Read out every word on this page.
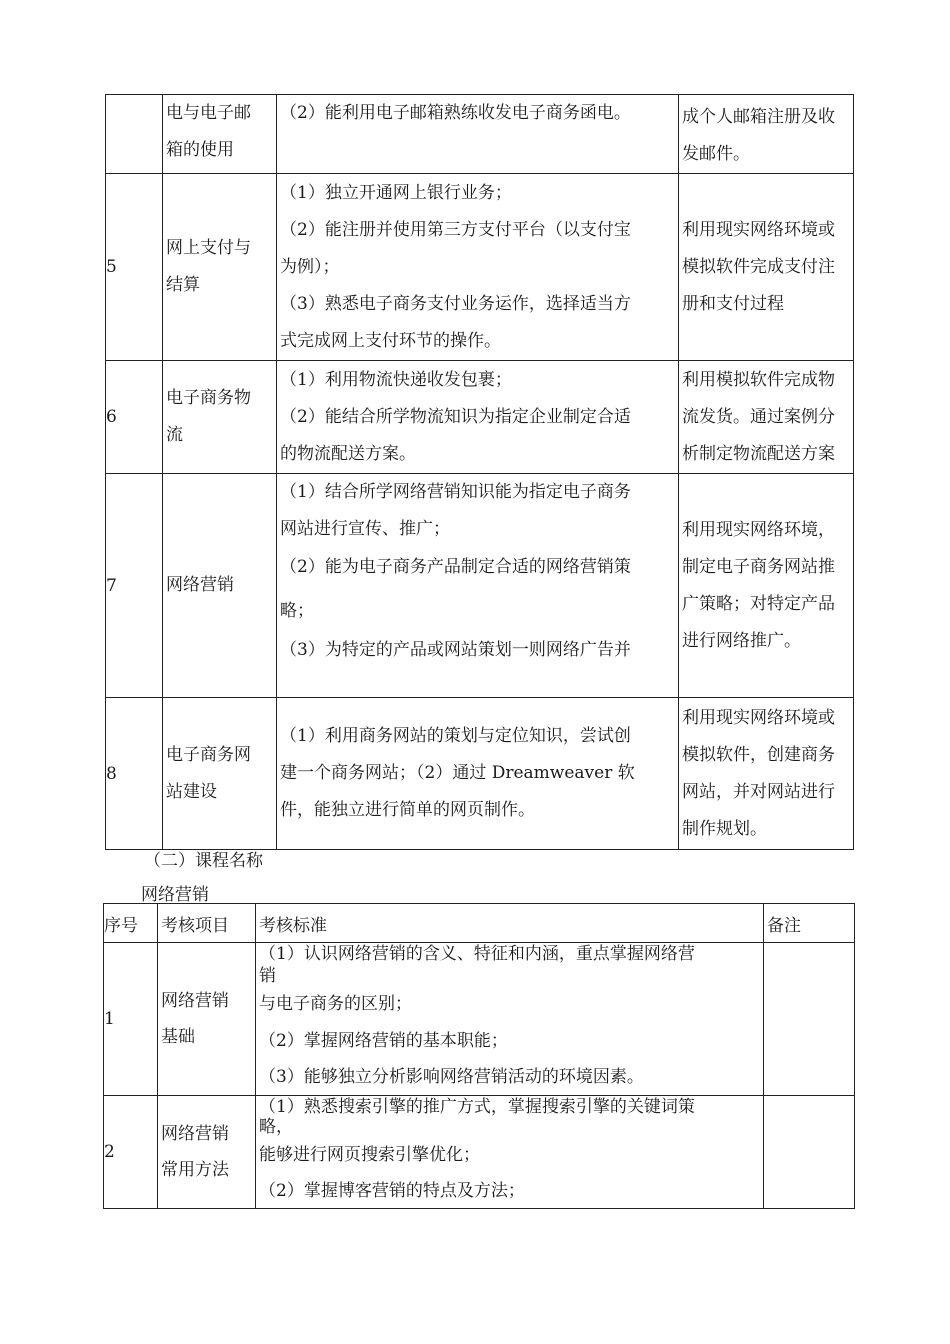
	电与电子邮
箱的使用	（2）能利用电子邮箱熟练收发电子商务函电。	成个人邮箱注册及收
发邮件。

5	网上支付与
结算	（1）独立开通网上银行业务；
（2）能注册并使用第三方支付平台（以支付宝
为例）；
（3）熟悉电子商务支付业务运作，选择适当方
式完成网上支付环节的操作。	利用现实网络环境或
模拟软件完成支付注
册和支付过程

6	电子商务物
流	（1）利用物流快递收发包裹；
（2）能结合所学物流知识为指定企业制定合适
的物流配送方案。	利用模拟软件完成物
流发货。通过案例分
析制定物流配送方案

7	网络营销	（1）结合所学网络营销知识能为指定电子商务
网站进行宣传、推广；
（2）能为电子商务产品制定合适的网络营销策
略；
（3）为特定的产品或网站策划一则网络广告并	利用现实网络环境，
制定电子商务网站推
广策略；对特定产品
进行网络推广。

8	电子商务网
站建设	（1）利用商务网站的策划与定位知识，尝试创
建一个商务网站；（2）通过 Dreamweaver 软
件，能独立进行简单的网页制作。	利用现实网络环境或
模拟软件，创建商务
网站，并对网站进行
制作规划。
（二）课程名称
网络营销
序号	考核项目	考核标准	备注
1	网络营销
基础	（1）认识网络营销的含义、特征和内涵，重点掌握网络营
销
与电子商务的区别；
（2）掌握网络营销的基本职能；
（3）能够独立分析影响网络营销活动的环境因素。	

2	网络营销
常用方法	（1）熟悉搜索引擎的推广方式，掌握搜索引擎的关键词策
略，
能够进行网页搜索引擎优化；
（2）掌握博客营销的特点及方法；	
